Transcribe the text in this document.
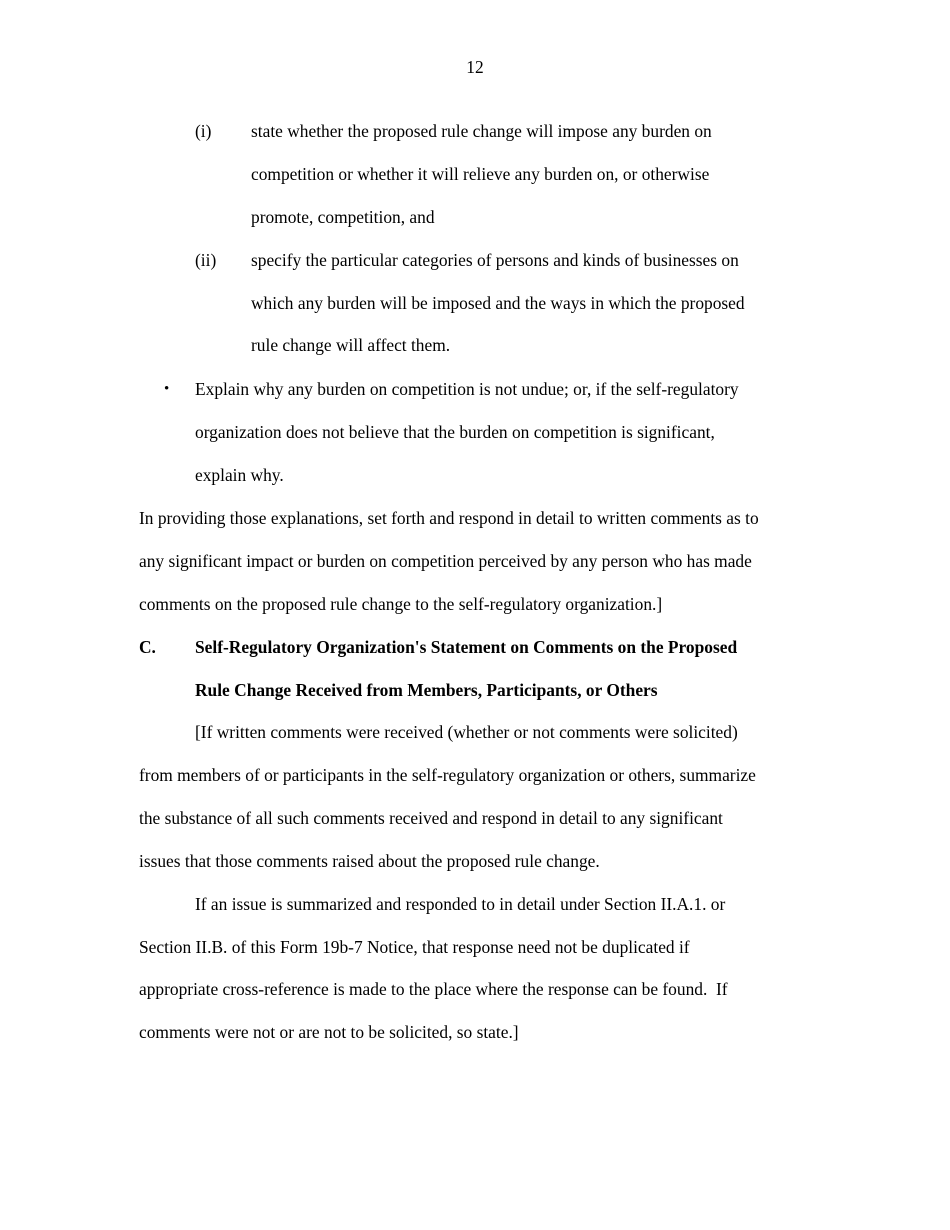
12
(i) state whether the proposed rule change will impose any burden on
competition or whether it will relieve any burden on, or otherwise
promote, competition, and
(ii) specify the particular categories of persons and kinds of businesses on
which any burden will be imposed and the ways in which the proposed
rule change will affect them.
• Explain why any burden on competition is not undue; or, if the self-regulatory
organization does not believe that the burden on competition is significant,
explain why.
In providing those explanations, set forth and respond in detail to written comments as to
any significant impact or burden on competition perceived by any person who has made
comments on the proposed rule change to the self-regulatory organization.]
C. Self-Regulatory Organization's Statement on Comments on the Proposed
Rule Change Received from Members, Participants, or Others
[If written comments were received (whether or not comments were solicited)
from members of or participants in the self-regulatory organization or others, summarize
the substance of all such comments received and respond in detail to any significant
issues that those comments raised about the proposed rule change.
If an issue is summarized and responded to in detail under Section II.A.1. or
Section II.B. of this Form 19b-7 Notice, that response need not be duplicated if
appropriate cross-reference is made to the place where the response can be found.  If
comments were not or are not to be solicited, so state.]
